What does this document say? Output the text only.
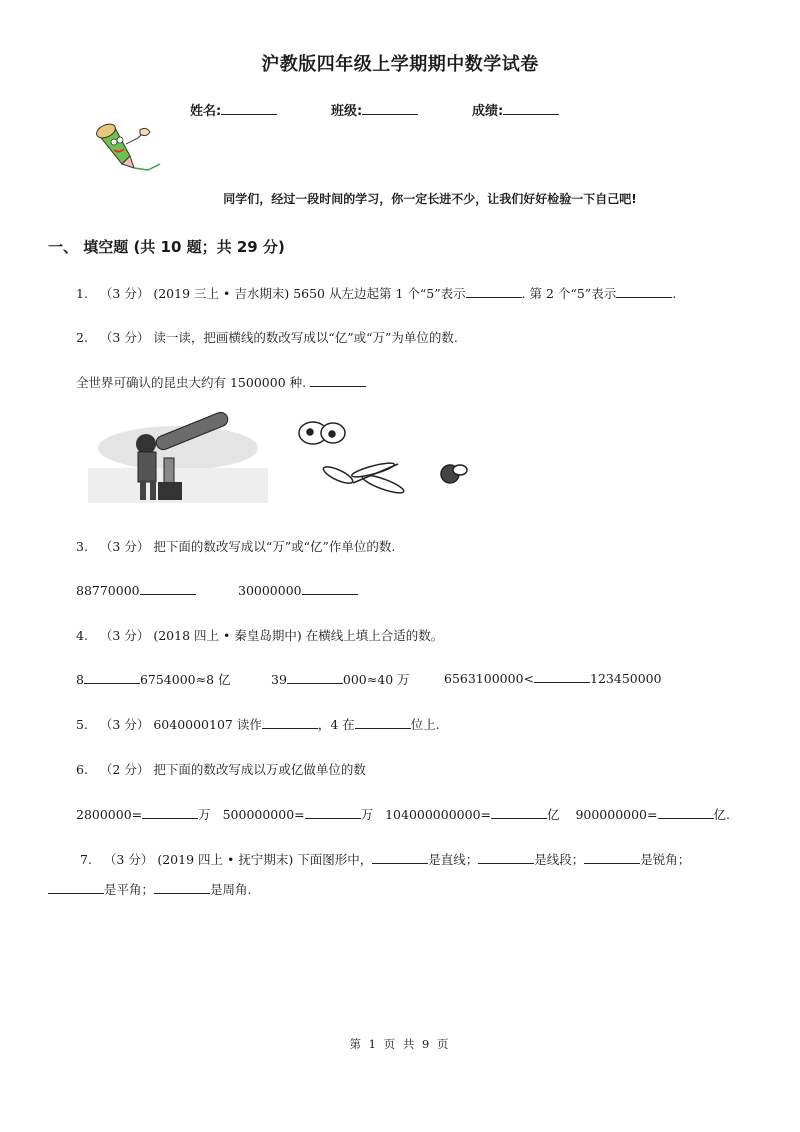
沪教版四年级上学期期中数学试卷
姓名:	班级:	成绩:
同学们，经过一段时间的学习，你一定长进不少，让我们好好检验一下自己吧!
一、 填空题 (共 10 题；共 29 分)
1. （3 分） (2019 三上 • 吉水期末) 5650 从左边起第 1 个“5”表示	. 第 2 个“5”表示	.
2. （3 分） 读一读，把画横线的数改写成以“亿”或“万”为单位的数.
全世界可确认的昆虫大约有 1500000 种.
3. （3 分） 把下面的数改写成以“万”或“亿”作单位的数.
88770000	30000000
4. （3 分） (2018 四上 • 秦皇岛期中) 在横线上填上合适的数。
8	6754000≈8 亿	39	000≈40 万	6563100000<	123450000
5. （3 分） 6040000107 读作	，4 在	位上.
6. （2 分） 把下面的数改写成以万或亿做单位的数
2800000=	万 500000000=	万 104000000000=	亿 900000000=	亿.
7. （3 分） (2019 四上 • 抚宁期末) 下面图形中，	是直线；	是线段；	是锐角；
是平角；	是周角.
第 1 页 共 9 页
